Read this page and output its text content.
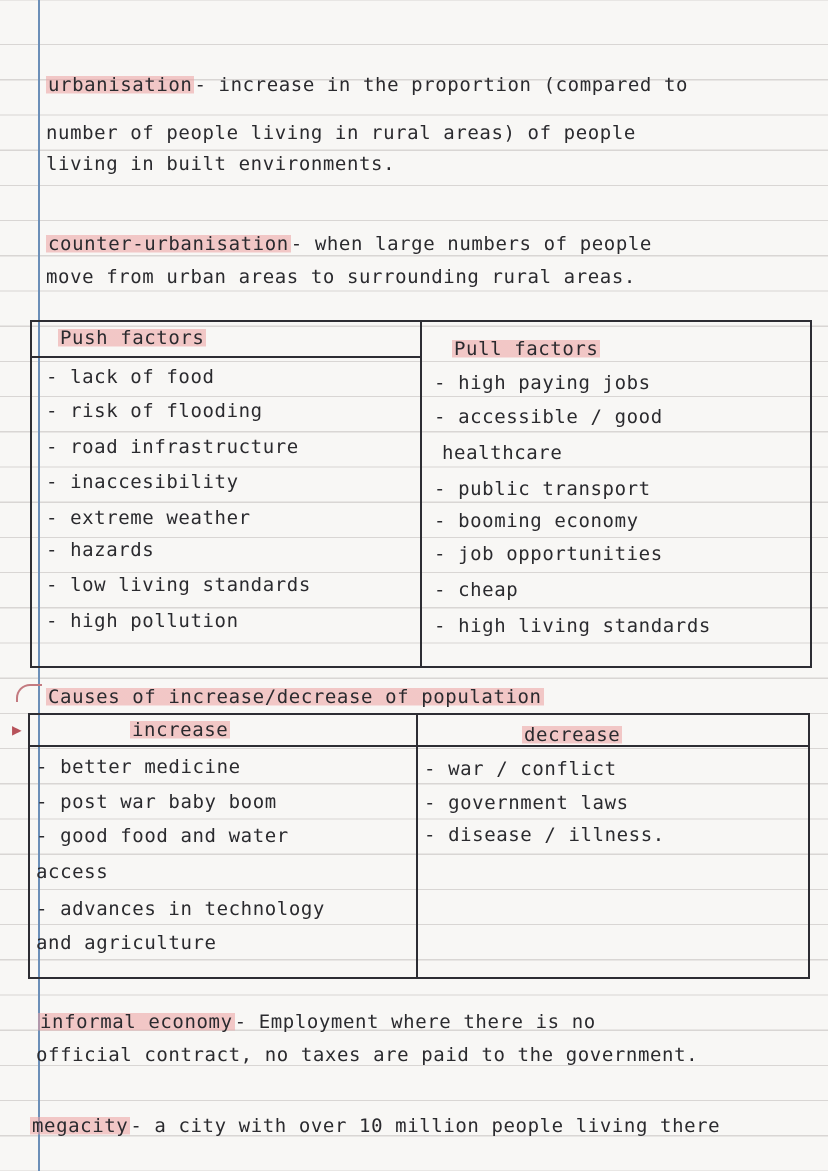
urbanisation - increase in the proportion (compared to
number of people living in rural areas) of people
living in built environments.
counter-urbanisation - when large numbers of people
move from urban areas to surrounding rural areas.
Push factors	Pull factors
- lack of food
- risk of flooding
- road infrastructure
- inaccesibility
- extreme weather
- hazards
- low living standards
- high pollution
- high paying jobs
- accessible / good
healthcare
- public transport
- booming economy
- job opportunities
- cheap
- high living standards
▶
Causes of increase/decrease of population
increase	decrease
- better medicine
- post war baby boom
- good food and water
access
- advances in technology
and agriculture
- war / conflict
- government laws
- disease / illness.
informal economy - Employment where there is no
official contract, no taxes are paid to the government.
megacity - a city with over 10 million people living there
